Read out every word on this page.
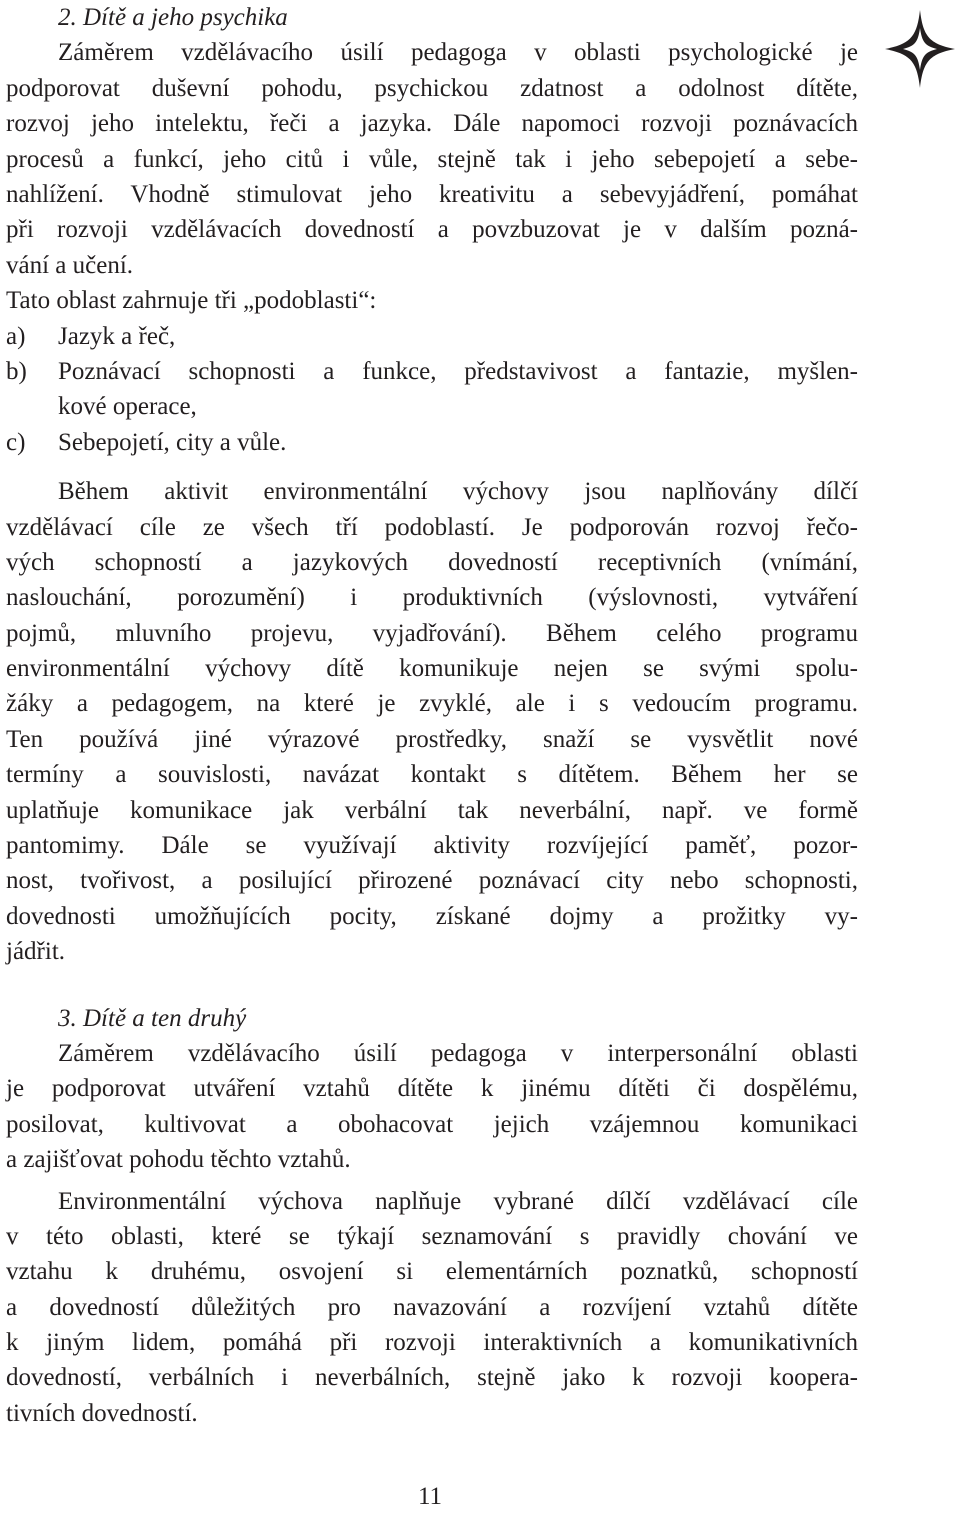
2. Dítě a jeho psychika
Záměrem vzdělávacího úsilí pedagoga v oblasti psychologické je
podporovat duševní pohodu, psychickou zdatnost a odolnost dítěte,
rozvoj jeho intelektu, řeči a jazyka. Dále napomoci rozvoji poznávacích
procesů a funkcí, jeho citů i vůle, stejně tak i jeho sebepojetí a sebe-
nahlížení. Vhodně stimulovat jeho kreativitu a sebevyjádření, pomáhat
při rozvoji vzdělávacích dovedností a povzbuzovat je v dalším pozná-
vání a učení.
Tato oblast zahrnuje tři „podoblasti“:
a)	Jazyk a řeč,
b)	Poznávací schopnosti a funkce, představivost a fantazie, myšlen-
kové operace,
c)	Sebepojetí, city a vůle.
Během aktivit environmentální výchovy jsou naplňovány dílčí
vzdělávací cíle ze všech tří podoblastí. Je podporován rozvoj řečo-
vých schopností a jazykových dovedností receptivních (vnímání,
naslouchání, porozumění) i produktivních (výslovnosti, vytváření
pojmů, mluvního projevu, vyjadřování). Během celého programu
environmentální výchovy dítě komunikuje nejen se svými spolu-
žáky a pedagogem, na které je zvyklé, ale i s vedoucím programu.
Ten používá jiné výrazové prostředky, snaží se vysvětlit nové
termíny a souvislosti, navázat kontakt s dítětem. Během her se
uplatňuje komunikace jak verbální tak neverbální, např. ve formě
pantomimy. Dále se využívají aktivity rozvíjející paměť, pozor-
nost, tvořivost, a posilující přirozené poznávací city nebo schopnosti,
dovednosti umožňujících pocity, získané dojmy a prožitky vy-
jádřit.
3. Dítě a ten druhý
Záměrem vzdělávacího úsilí pedagoga v interpersonální oblasti
je podporovat utváření vztahů dítěte k jinému dítěti či dospělému,
posilovat, kultivovat a obohacovat jejich vzájemnou komunikaci
a zajišťovat pohodu těchto vztahů.
Environmentální výchova naplňuje vybrané dílčí vzdělávací cíle
v této oblasti, které se týkají seznamování s pravidly chování ve
vztahu k druhému, osvojení si elementárních poznatků, schopností
a dovedností důležitých pro navazování a rozvíjení vztahů dítěte
k jiným lidem, pomáhá při rozvoji interaktivních a komunikativních
dovedností, verbálních i neverbálních, stejně jako k rozvoji koopera-
tivních dovedností.
11
